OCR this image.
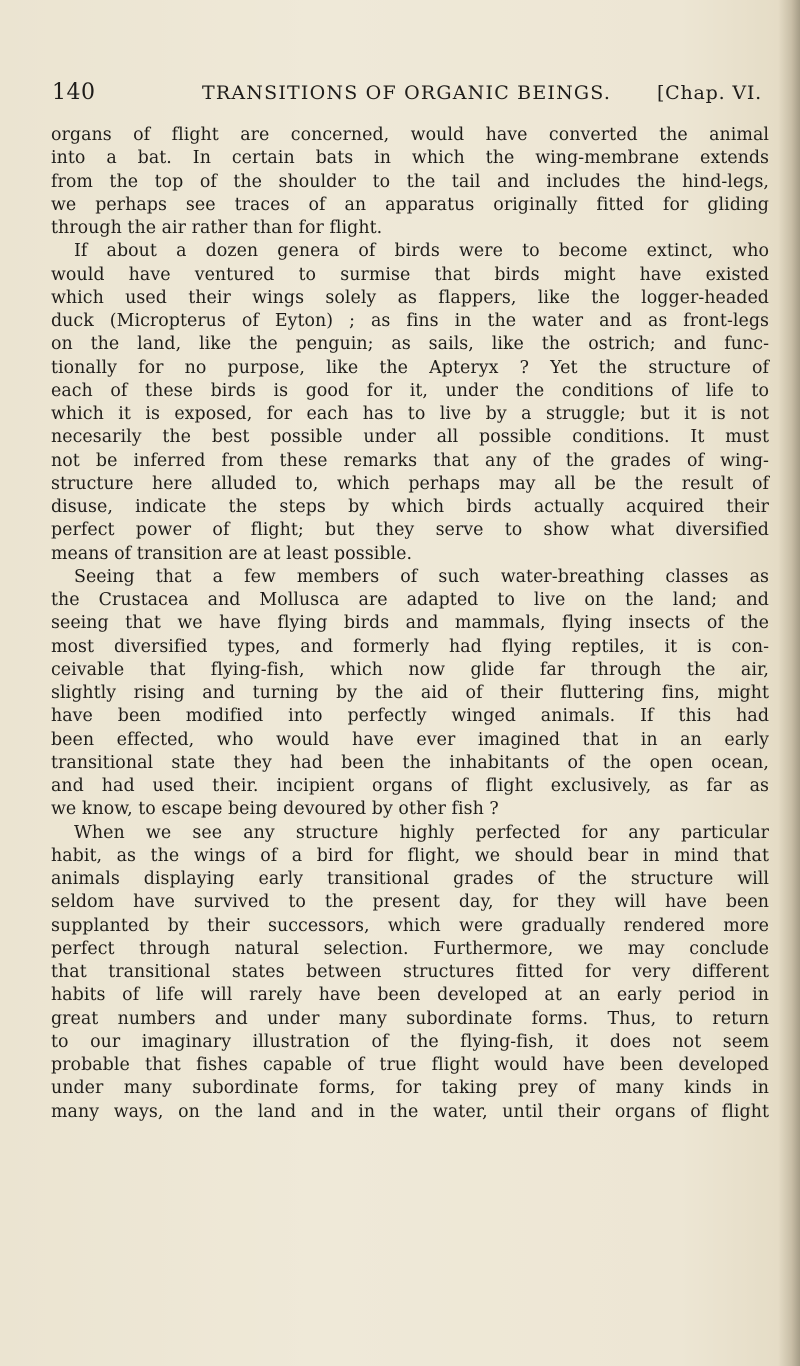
140	TRANSITIONS OF ORGANIC BEINGS. [Chap. VI.
organs of flight are concerned, would have converted the animal
into a bat. In certain bats in which the wing-membrane extends
from the top of the shoulder to the tail and includes the hind-legs,
we perhaps see traces of an apparatus originally fitted for gliding
through the air rather than for flight.
If about a dozen genera of birds were to become extinct, who
would have ventured to surmise that birds might have existed
which used their wings solely as flappers, like the logger-headed
duck (Micropterus of Eyton) ; as fins in the water and as front-legs
on the land, like the penguin; as sails, like the ostrich; and func-
tionally for no purpose, like the Apteryx ? Yet the structure of
each of these birds is good for it, under the conditions of life to
which it is exposed, for each has to live by a struggle; but it is not
necesarily the best possible under all possible conditions. It must
not be inferred from these remarks that any of the grades of wing-
structure here alluded to, which perhaps may all be the result of
disuse, indicate the steps by which birds actually acquired their
perfect power of flight; but they serve to show what diversified
means of transition are at least possible.
Seeing that a few members of such water-breathing classes as
the Crustacea and Mollusca are adapted to live on the land; and
seeing that we have flying birds and mammals, flying insects of the
most diversified types, and formerly had flying reptiles, it is con-
ceivable that flying-fish, which now glide far through the air,
slightly rising and turning by the aid of their fluttering fins, might
have been modified into perfectly winged animals. If this had
been effected, who would have ever imagined that in an early
transitional state they had been the inhabitants of the open ocean,
and had used their. incipient organs of flight exclusively, as far as
we know, to escape being devoured by other fish ?
When we see any structure highly perfected for any particular
habit, as the wings of a bird for flight, we should bear in mind that
animals displaying early transitional grades of the structure will
seldom have survived to the present day, for they will have been
supplanted by their successors, which were gradually rendered more
perfect through natural selection. Furthermore, we may conclude
that transitional states between structures fitted for very different
habits of life will rarely have been developed at an early period in
great numbers and under many subordinate forms. Thus, to return
to our imaginary illustration of the flying-fish, it does not seem
probable that fishes capable of true flight would have been developed
under many subordinate forms, for taking prey of many kinds in
many ways, on the land and in the water, until their organs of flight
